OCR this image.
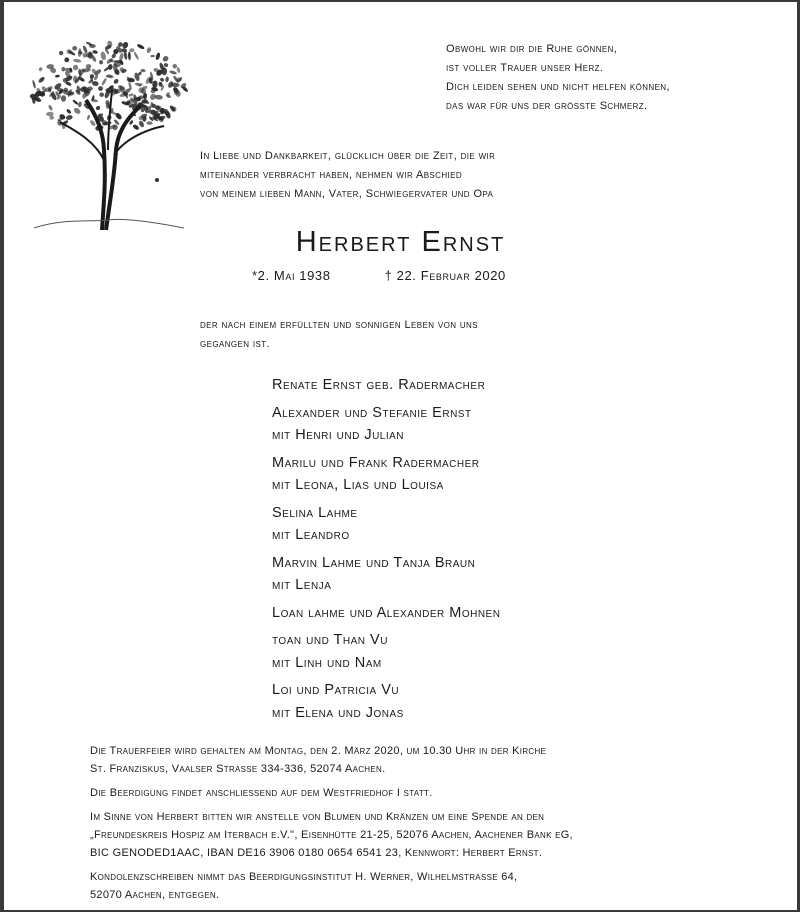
Obwohl wir dir die Ruhe gönnen,
ist voller Trauer unser Herz.
Dich leiden sehen und nicht helfen können,
das war für uns der grösste Schmerz.
In Liebe und Dankbarkeit, glücklich über die Zeit, die wir
miteinander verbracht haben, nehmen wir Abschied
von meinem lieben Mann, Vater, Schwiegervater und Opa
Herbert Ernst
*2. Mai 1938	† 22. Februar 2020
der nach einem erfüllten und sonnigen Leben von uns
gegangen ist.
Renate Ernst geb. Radermacher
Alexander und Stefanie Ernst
mit Henri und Julian
Marilu und Frank Radermacher
mit Leona, Lias und Louisa
Selina Lahme
mit Leandro
Marvin Lahme und Tanja Braun
mit Lenja
Loan lahme und Alexander Mohnen
toan und Than Vu
mit Linh und Nam
Loi und Patricia Vu
mit Elena und Jonas
Die Trauerfeier wird gehalten am Montag, den 2. März 2020, um 10.30 Uhr in der Kirche
St. Franziskus, Vaalser Strasse 334-336, 52074 Aachen.
Die Beerdigung findet anschliessend auf dem Westfriedhof I statt.
Im Sinne von Herbert bitten wir anstelle von Blumen und Kränzen um eine Spende an den
„Freundeskreis Hospiz am Iterbach e.V.", Eisenhütte 21-25, 52076 Aachen, Aachener Bank eG,
BIC GENODED1AAC, IBAN DE16 3906 0180 0654 6541 23, Kennwort: Herbert Ernst.
Kondolenzschreiben nimmt das Beerdigungsinstitut H. Werner, Wilhelmstrasse 64,
52070 Aachen, entgegen.
